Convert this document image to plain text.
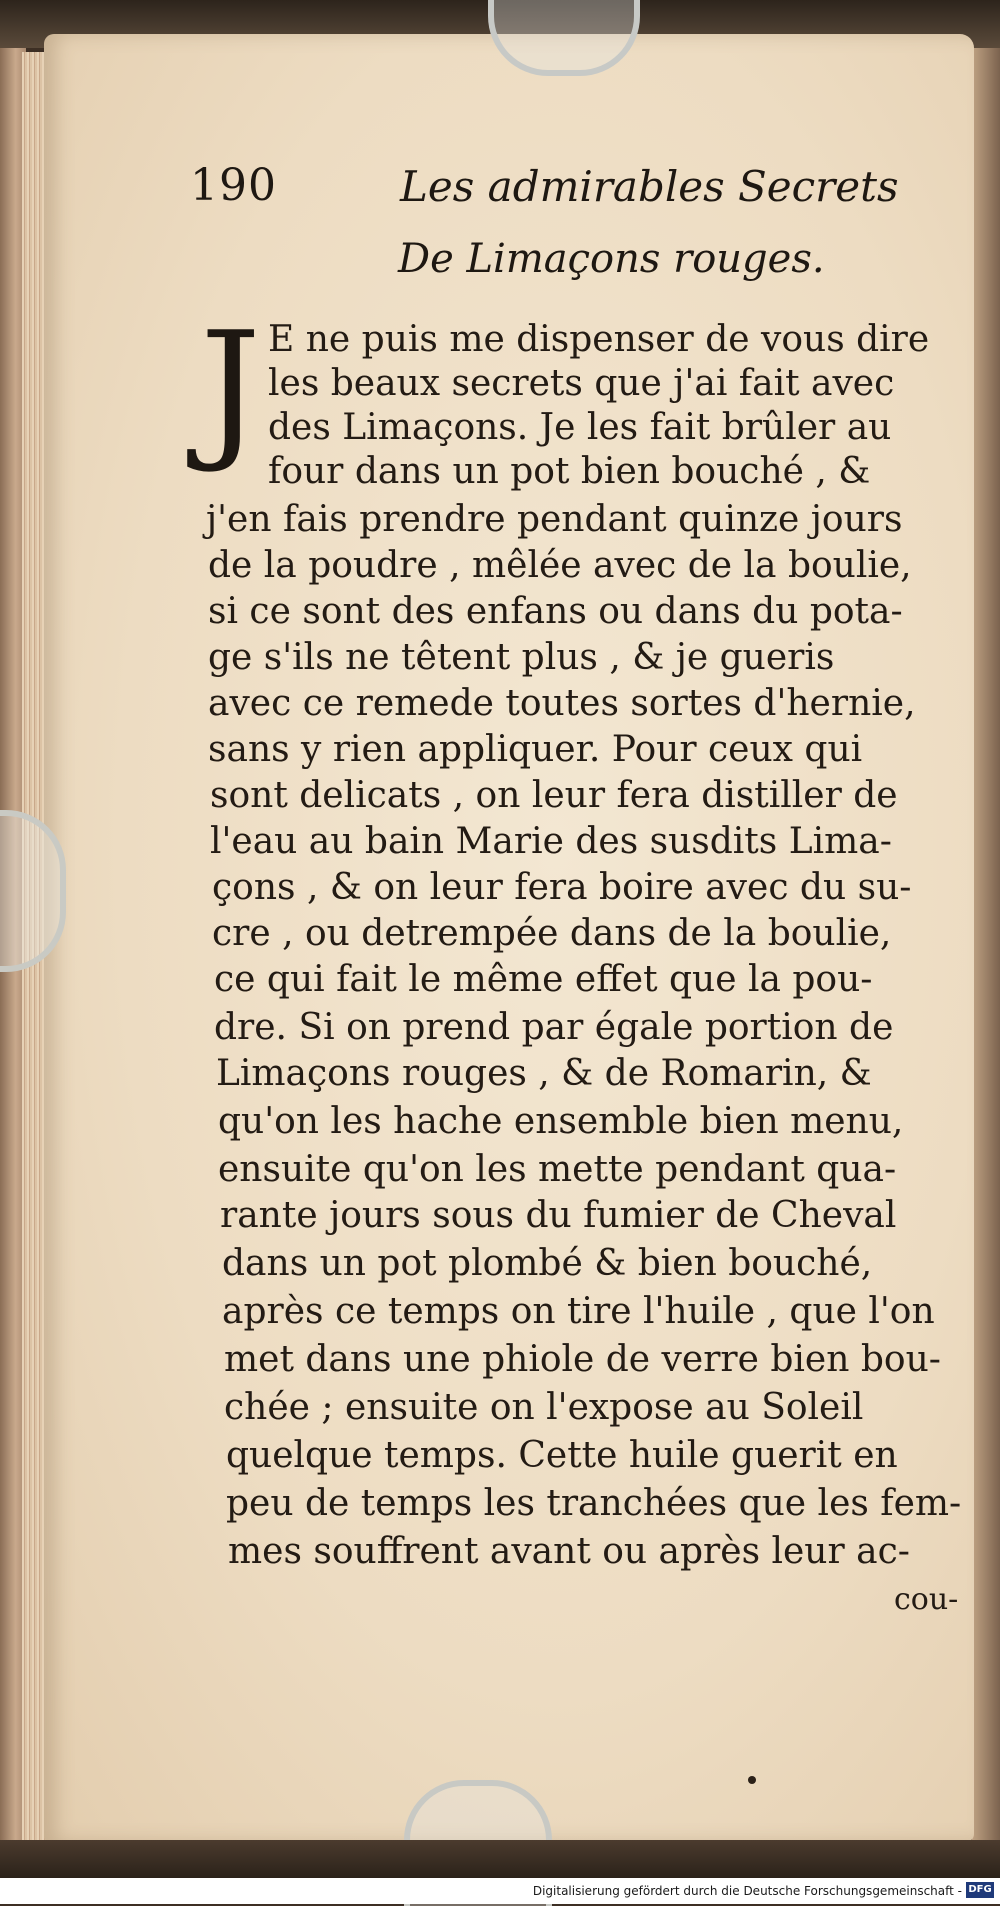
190	Les admirables Secrets
De Limaçons rouges.
J E ne puis me dispenser de vous dire
les beaux secrets que j'ai fait avec
des Limaçons. Je les fait brûler au
four dans un pot bien bouché , &
j'en fais prendre pendant quinze jours
de la poudre , mêlée avec de la boulie,
si ce sont des enfans ou dans du pota-
ge s'ils ne têtent plus , & je gueris
avec ce remede toutes sortes d'hernie,
sans y rien appliquer. Pour ceux qui
sont delicats , on leur fera distiller de
l'eau au bain Marie des susdits Lima-
çons , & on leur fera boire avec du su-
cre , ou detrempée dans de la boulie,
ce qui fait le même effet que la pou-
dre. Si on prend par égale portion de
Limaçons rouges , & de Romarin, &
qu'on les hache ensemble bien menu,
ensuite qu'on les mette pendant qua-
rante jours sous du fumier de Cheval
dans un pot plombé & bien bouché,
après ce temps on tire l'huile , que l'on
met dans une phiole de verre bien bou-
chée ; ensuite on l'expose au Soleil
quelque temps. Cette huile guerit en
peu de temps les tranchées que les fem-
mes souffrent avant ou après leur ac-
cou-
Digitalisierung gefördert durch die Deutsche Forschungsgemeinschaft - DFG
